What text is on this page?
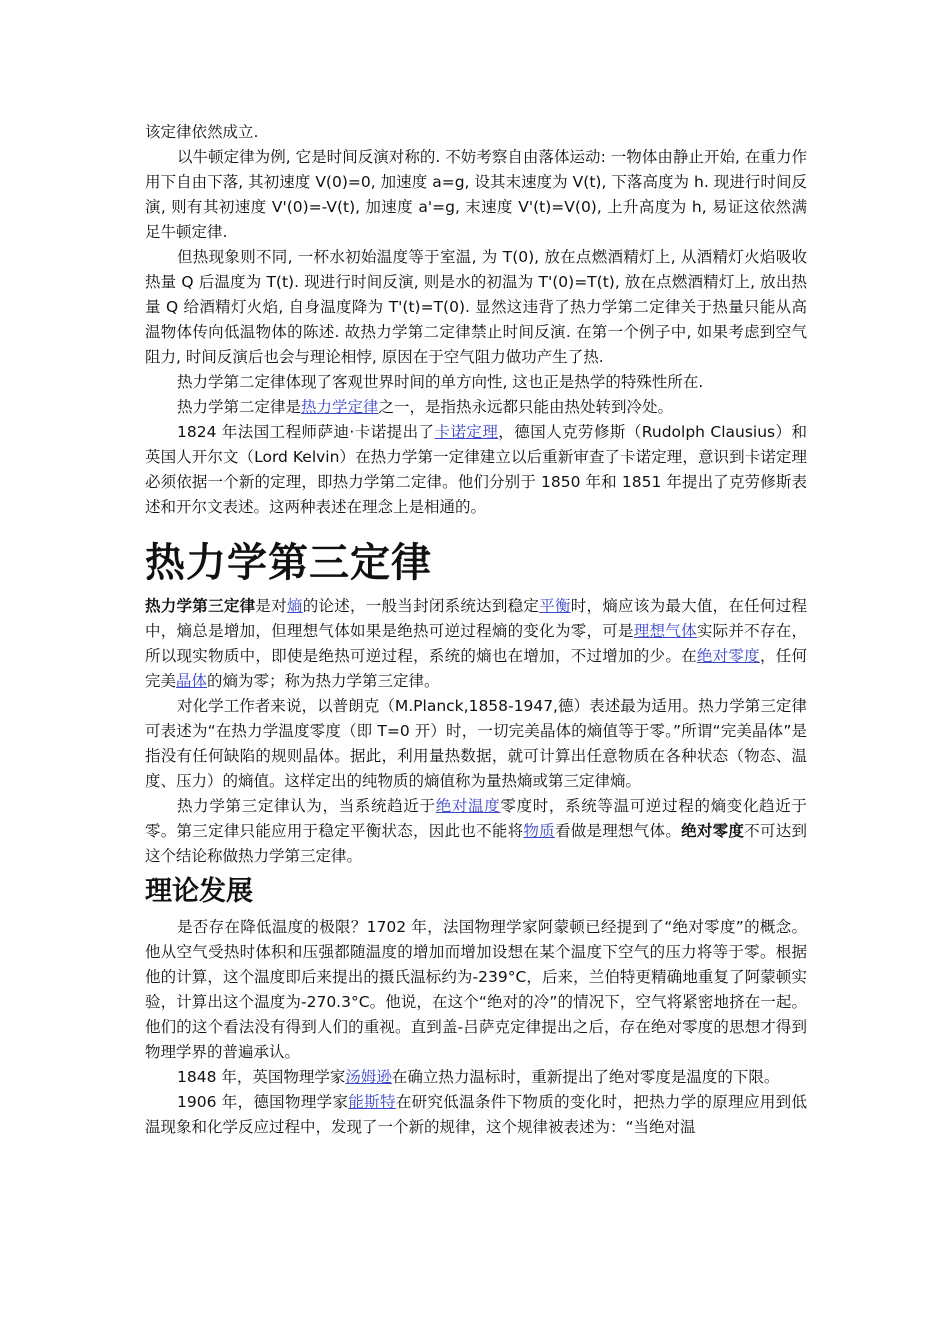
该定律依然成立.

以牛顿定律为例, 它是时间反演对称的. 不妨考察自由落体运动: 一物体由静止开始, 在重力作用下自由下落, 其初速度 V(0)=0, 加速度 a=g, 设其末速度为 V(t), 下落高度为 h. 现进行时间反演, 则有其初速度 V'(0)=-V(t), 加速度 a'=g, 末速度 V'(t)=V(0), 上升高度为 h, 易证这依然满足牛顿定律.

但热现象则不同, 一杯水初始温度等于室温, 为 T(0), 放在点燃酒精灯上, 从酒精灯火焰吸收热量 Q 后温度为 T(t). 现进行时间反演, 则是水的初温为 T'(0)=T(t), 放在点燃酒精灯上, 放出热量 Q 给酒精灯火焰, 自身温度降为 T'(t)=T(0). 显然这违背了热力学第二定律关于热量只能从高温物体传向低温物体的陈述. 故热力学第二定律禁止时间反演. 在第一个例子中, 如果考虑到空气阻力, 时间反演后也会与理论相悖, 原因在于空气阻力做功产生了热.

热力学第二定律体现了客观世界时间的单方向性, 这也正是热学的特殊性所在.

热力学第二定律是热力学定律之一，是指热永远都只能由热处转到冷处。

1824 年法国工程师萨迪·卡诺提出了卡诺定理，德国人克劳修斯（Rudolph Clausius）和英国人开尔文（Lord Kelvin）在热力学第一定律建立以后重新审查了卡诺定理，意识到卡诺定理必须依据一个新的定理，即热力学第二定律。他们分别于 1850 年和 1851 年提出了克劳修斯表述和开尔文表述。这两种表述在理念上是相通的。

热力学第三定律

热力学第三定律是对熵的论述，一般当封闭系统达到稳定平衡时，熵应该为最大值，在任何过程中，熵总是增加，但理想气体如果是绝热可逆过程熵的变化为零，可是理想气体实际并不存在，所以现实物质中，即使是绝热可逆过程，系统的熵也在增加，不过增加的少。在绝对零度，任何完美晶体的熵为零；称为热力学第三定律。

对化学工作者来说，以普朗克（M.Planck,1858-1947,德）表述最为适用。热力学第三定律可表述为“在热力学温度零度（即 T=0 开）时，一切完美晶体的熵值等于零。”所谓“完美晶体”是指没有任何缺陷的规则晶体。据此，利用量热数据，就可计算出任意物质在各种状态（物态、温度、压力）的熵值。这样定出的纯物质的熵值称为量热熵或第三定律熵。

热力学第三定律认为，当系统趋近于绝对温度零度时，系统等温可逆过程的熵变化趋近于零。第三定律只能应用于稳定平衡状态，因此也不能将物质看做是理想气体。绝对零度不可达到这个结论称做热力学第三定律。

理论发展

是否存在降低温度的极限？1702 年，法国物理学家阿蒙顿已经提到了“绝对零度”的概念。他从空气受热时体积和压强都随温度的增加而增加设想在某个温度下空气的压力将等于零。根据他的计算，这个温度即后来提出的摄氏温标约为-239°C，后来，兰伯特更精确地重复了阿蒙顿实验，计算出这个温度为-270.3°C。他说，在这个“绝对的冷”的情况下，空气将紧密地挤在一起。他们的这个看法没有得到人们的重视。直到盖-吕萨克定律提出之后，存在绝对零度的思想才得到物理学界的普遍承认。

1848 年，英国物理学家汤姆逊在确立热力温标时，重新提出了绝对零度是温度的下限。

1906 年，德国物理学家能斯特在研究低温条件下物质的变化时，把热力学的原理应用到低温现象和化学反应过程中，发现了一个新的规律，这个规律被表述为：“当绝对温
